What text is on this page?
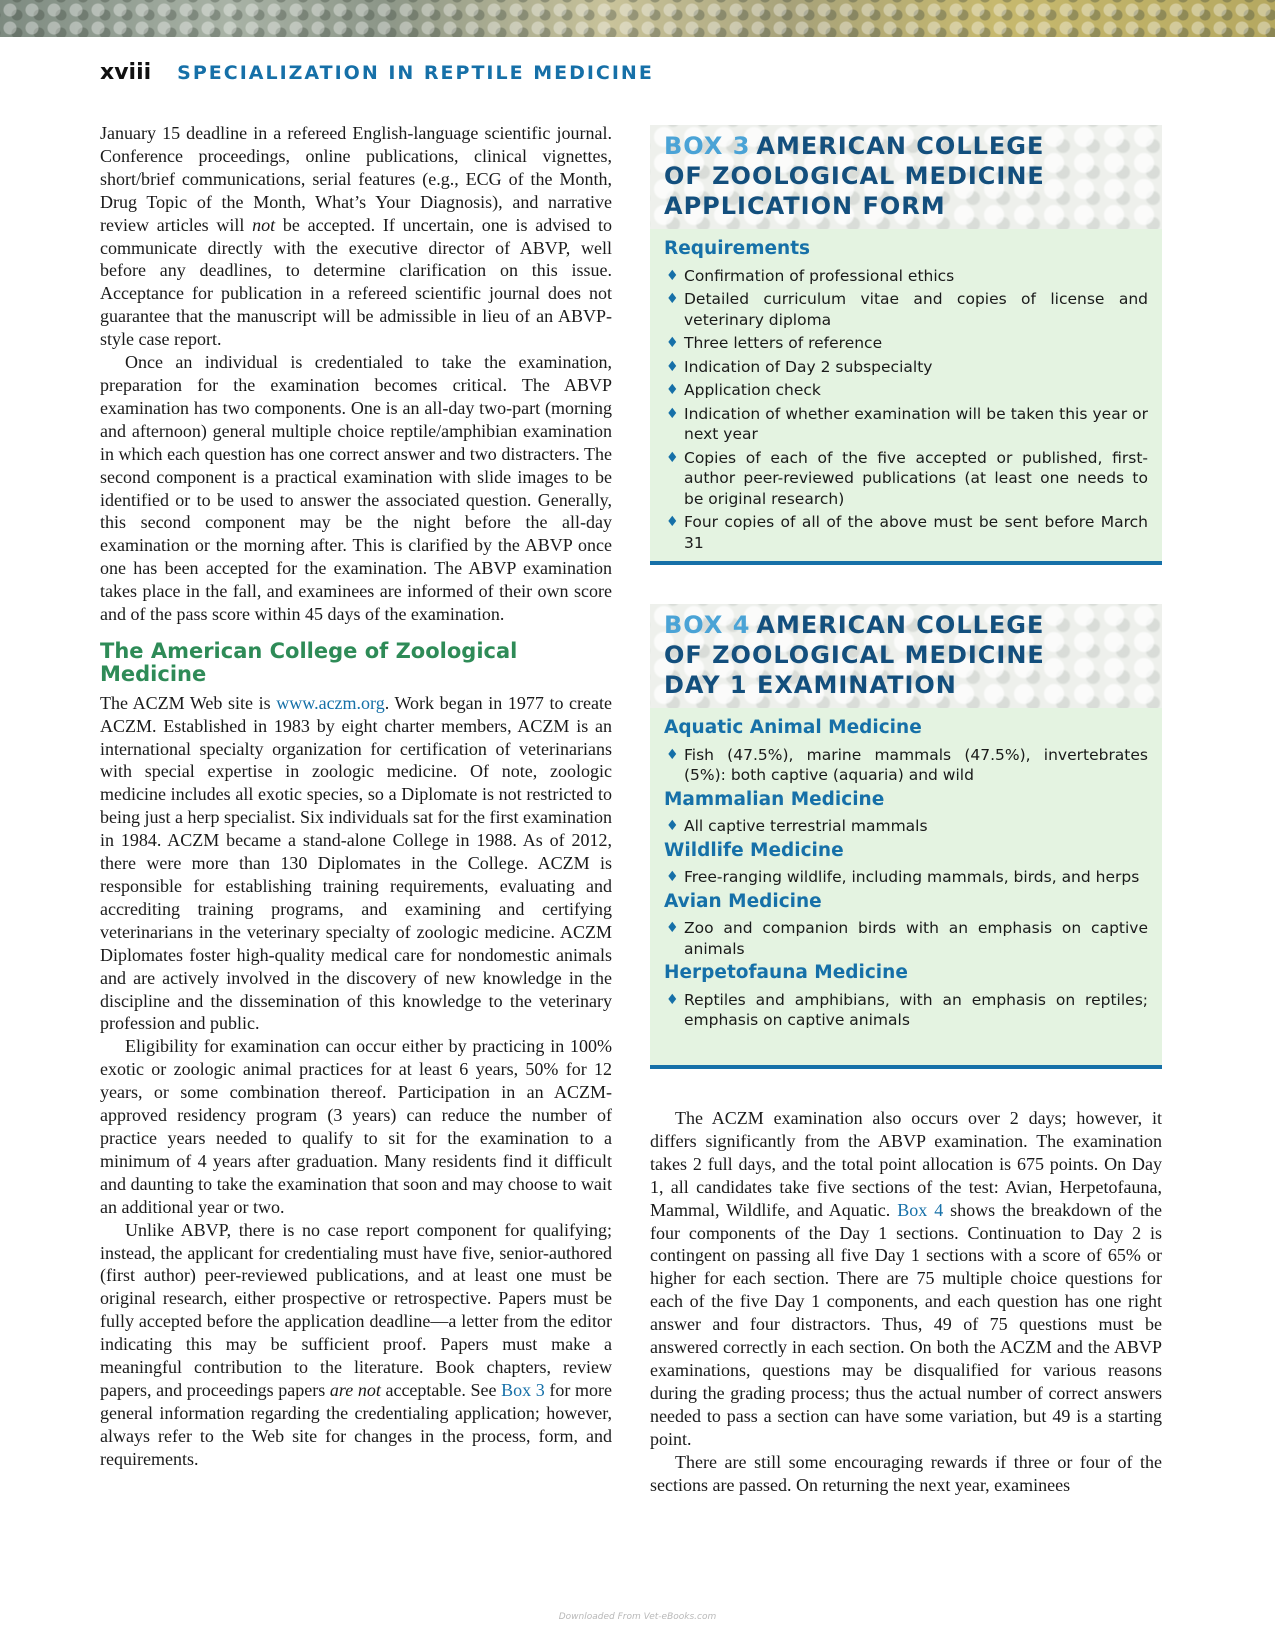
xviii SPECIALIZATION IN REPTILE MEDICINE

January 15 deadline in a refereed English-language scientific journal. Conference proceedings, online publications, clinical vignettes, short/brief communications, serial features (e.g., ECG of the Month, Drug Topic of the Month, What’s Your Diagnosis), and narrative review articles will not be accepted. If uncertain, one is advised to communicate directly with the executive director of ABVP, well before any deadlines, to determine clarification on this issue. Acceptance for publication in a refereed scientific journal does not guarantee that the manuscript will be admissible in lieu of an ABVP-style case report.

Once an individual is credentialed to take the examination, preparation for the examination becomes critical. The ABVP examination has two components. One is an all-day two-part (morning and afternoon) general multiple choice reptile/amphibian examination in which each question has one correct answer and two distracters. The second component is a practical examination with slide images to be identified or to be used to answer the associated question. Generally, this second component may be the night before the all-day examination or the morning after. This is clarified by the ABVP once one has been accepted for the examination. The ABVP examination takes place in the fall, and examinees are informed of their own score and of the pass score within 45 days of the examination.

The American College of Zoological Medicine

The ACZM Web site is www.aczm.org. Work began in 1977 to create ACZM. Established in 1983 by eight charter members, ACZM is an international specialty organization for certification of veterinarians with special expertise in zoologic medicine. Of note, zoologic medicine includes all exotic species, so a Diplomate is not restricted to being just a herp specialist. Six individuals sat for the first examination in 1984. ACZM became a stand-alone College in 1988. As of 2012, there were more than 130 Diplomates in the College. ACZM is responsible for establishing training requirements, evaluating and accrediting training programs, and examining and certifying veterinarians in the veterinary specialty of zoologic medicine. ACZM Diplomates foster high-quality medical care for nondomestic animals and are actively involved in the discovery of new knowledge in the discipline and the dissemination of this knowledge to the veterinary profession and public.

Eligibility for examination can occur either by practicing in 100% exotic or zoologic animal practices for at least 6 years, 50% for 12 years, or some combination thereof. Participation in an ACZM-approved residency program (3 years) can reduce the number of practice years needed to qualify to sit for the examination to a minimum of 4 years after graduation. Many residents find it difficult and daunting to take the examination that soon and may choose to wait an additional year or two.

Unlike ABVP, there is no case report component for qualifying; instead, the applicant for credentialing must have five, senior-authored (first author) peer-reviewed publications, and at least one must be original research, either prospective or retrospective. Papers must be fully accepted before the application deadline—a letter from the editor indicating this may be sufficient proof. Papers must make a meaningful contribution to the literature. Book chapters, review papers, and proceedings papers are not acceptable. See Box 3 for more general information regarding the credentialing application; however, always refer to the Web site for changes in the process, form, and requirements.

BOX 3 AMERICAN COLLEGE
OF ZOOLOGICAL MEDICINE
APPLICATION FORM
Requirements
♦ Confirmation of professional ethics
♦ Detailed curriculum vitae and copies of license and veterinary diploma
♦ Three letters of reference
♦ Indication of Day 2 subspecialty
♦ Application check
♦ Indication of whether examination will be taken this year or next year
♦ Copies of each of the five accepted or published, first-author peer-reviewed publications (at least one needs to be original research)
♦ Four copies of all of the above must be sent before March 31
BOX 4 AMERICAN COLLEGE
OF ZOOLOGICAL MEDICINE
DAY 1 EXAMINATION
Aquatic Animal Medicine
♦ Fish (47.5%), marine mammals (47.5%), invertebrates (5%): both captive (aquaria) and wild
Mammalian Medicine
♦ All captive terrestrial mammals
Wildlife Medicine
♦ Free-ranging wildlife, including mammals, birds, and herps
Avian Medicine
♦ Zoo and companion birds with an emphasis on captive animals
Herpetofauna Medicine
♦ Reptiles and amphibians, with an emphasis on reptiles; emphasis on captive animals

The ACZM examination also occurs over 2 days; however, it differs significantly from the ABVP examination. The examination takes 2 full days, and the total point allocation is 675 points. On Day 1, all candidates take five sections of the test: Avian, Herpetofauna, Mammal, Wildlife, and Aquatic. Box 4 shows the breakdown of the four components of the Day 1 sections. Continuation to Day 2 is contingent on passing all five Day 1 sections with a score of 65% or higher for each section. There are 75 multiple choice questions for each of the five Day 1 components, and each question has one right answer and four distractors. Thus, 49 of 75 questions must be answered correctly in each section. On both the ACZM and the ABVP examinations, questions may be disqualified for various reasons during the grading process; thus the actual number of correct answers needed to pass a section can have some variation, but 49 is a starting point.

There are still some encouraging rewards if three or four of the sections are passed. On returning the next year, examinees

Downloaded From Vet-eBooks.com
